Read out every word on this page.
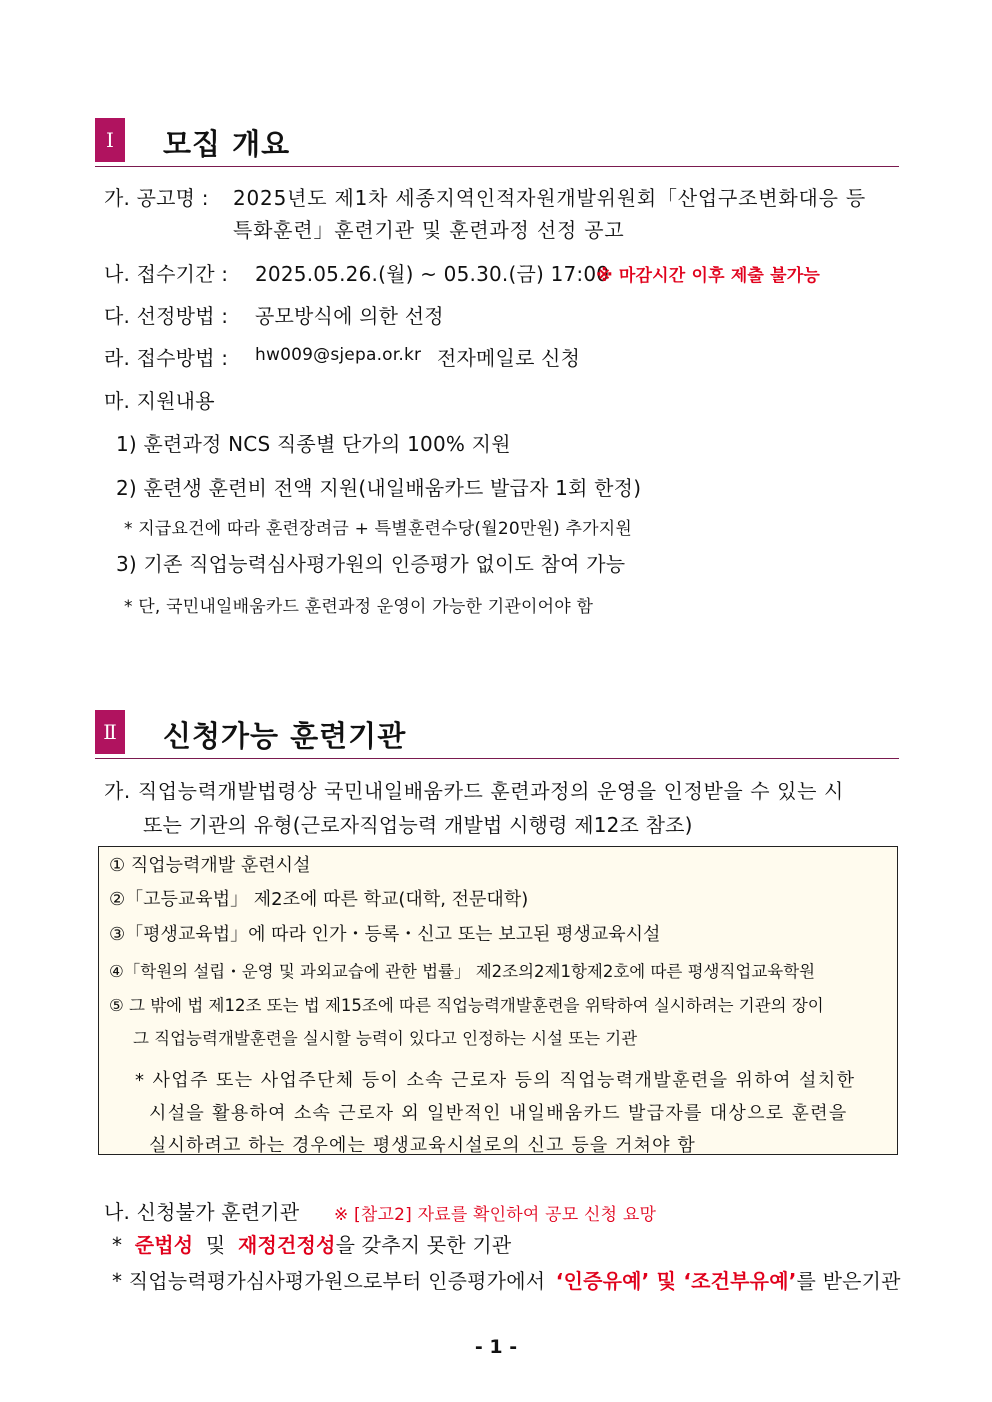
Ⅰ	모집 개요
가. 공고명 : 2025년도 제1차 세종지역인적자원개발위원회「산업구조변화대응 등
특화훈련」훈련기관 및 훈련과정 선정 공고
나. 접수기간 : 2025.05.26.(월) ~ 05.30.(금) 17:00
※ 마감시간 이후 제출 불가능
다. 선정방법 : 공모방식에 의한 선정
라. 접수방법 : hw009@sjepa.or.kr 전자메일로 신청
마. 지원내용
1) 훈련과정 NCS 직종별 단가의 100% 지원
2) 훈련생 훈련비 전액 지원(내일배움카드 발급자 1회 한정)
* 지급요건에 따라 훈련장려금 + 특별훈련수당(월20만원) 추가지원
3) 기존 직업능력심사평가원의 인증평가 없이도 참여 가능
* 단, 국민내일배움카드 훈련과정 운영이 가능한 기관이어야 함
Ⅱ 신청가능 훈련기관
가. 직업능력개발법령상 국민내일배움카드 훈련과정의 운영을 인정받을 수 있는 시
또는 기관의 유형(근로자직업능력 개발법 시행령 제12조 참조)
① 직업능력개발 훈련시설
②「고등교육법」 제2조에 따른 학교(대학, 전문대학)
③「평생교육법」에 따라 인가・등록・신고 또는 보고된 평생교육시설
④「학원의 설립・운영 및 과외교습에 관한 법률」 제2조의2제1항제2호에 따른 평생직업교육학원
⑤ 그 밖에 법 제12조 또는 법 제15조에 따른 직업능력개발훈련을 위탁하여 실시하려는 기관의 장이
그 직업능력개발훈련을 실시할 능력이 있다고 인정하는 시설 또는 기관
* 사업주 또는 사업주단체 등이 소속 근로자 등의 직업능력개발훈련을 위하여 설치한
시설을 활용하여 소속 근로자 외 일반적인 내일배움카드 발급자를 대상으로 훈련을
실시하려고 하는 경우에는 평생교육시설로의 신고 등을 거쳐야 함
나. 신청불가 훈련기관 ※ [참고2] 자료를 확인하여 공모 신청 요망
* 준법성 및 재정건정성을 갖추지 못한 기관
* 직업능력평가심사평가원으로부터 인증평가에서 ‘인증유예’ 및 ‘조건부유예’를 받은기관
- 1 -
